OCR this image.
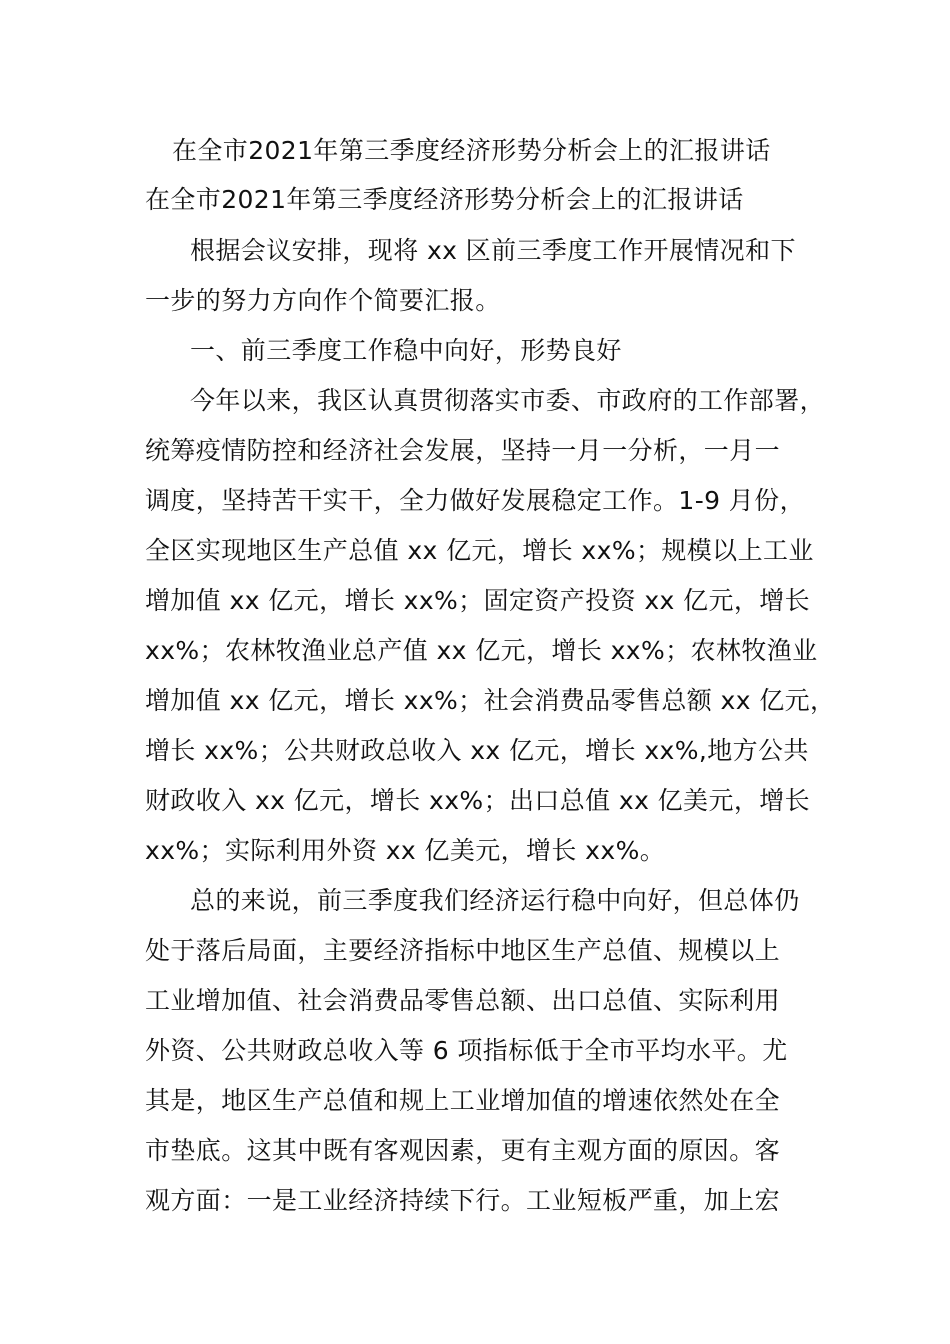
在全市2021年第三季度经济形势分析会上的汇报讲话
在全市2021年第三季度经济形势分析会上的汇报讲话
根据会议安排，现将 xx 区前三季度工作开展情况和下
一步的努力方向作个简要汇报。
一、前三季度工作稳中向好，形势良好
今年以来，我区认真贯彻落实市委、市政府的工作部署，
统筹疫情防控和经济社会发展，坚持一月一分析，一月一
调度，坚持苦干实干，全力做好发展稳定工作。1-9 月份，
全区实现地区生产总值 xx 亿元，增长 xx%；规模以上工业
增加值 xx 亿元，增长 xx%；固定资产投资 xx 亿元，增长
xx%；农林牧渔业总产值 xx 亿元，增长 xx%；农林牧渔业
增加值 xx 亿元，增长 xx%；社会消费品零售总额 xx 亿元，
增长 xx%；公共财政总收入 xx 亿元，增长 xx%,地方公共
财政收入 xx 亿元，增长 xx%；出口总值 xx 亿美元，增长
xx%；实际利用外资 xx 亿美元，增长 xx%。
总的来说，前三季度我们经济运行稳中向好，但总体仍
处于落后局面，主要经济指标中地区生产总值、规模以上
工业增加值、社会消费品零售总额、出口总值、实际利用
外资、公共财政总收入等 6 项指标低于全市平均水平。尤
其是，地区生产总值和规上工业增加值的增速依然处在全
市垫底。这其中既有客观因素，更有主观方面的原因。客
观方面：一是工业经济持续下行。工业短板严重，加上宏
